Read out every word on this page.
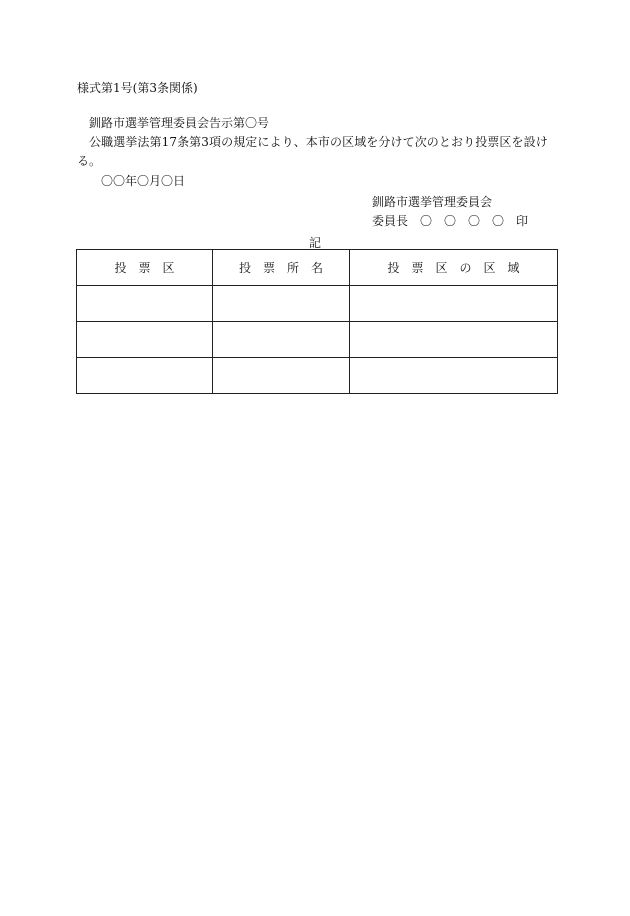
様式第1号(第3条関係)
釧路市選挙管理委員会告示第〇号
公職選挙法第17条第3項の規定により、本市の区域を分けて次のとおり投票区を設け
る。
〇〇年〇月〇日
釧路市選挙管理委員会
委員長　〇　〇　〇　〇　印
記
投　票　区	投　票　所　名	投　票　区　の　区　域
